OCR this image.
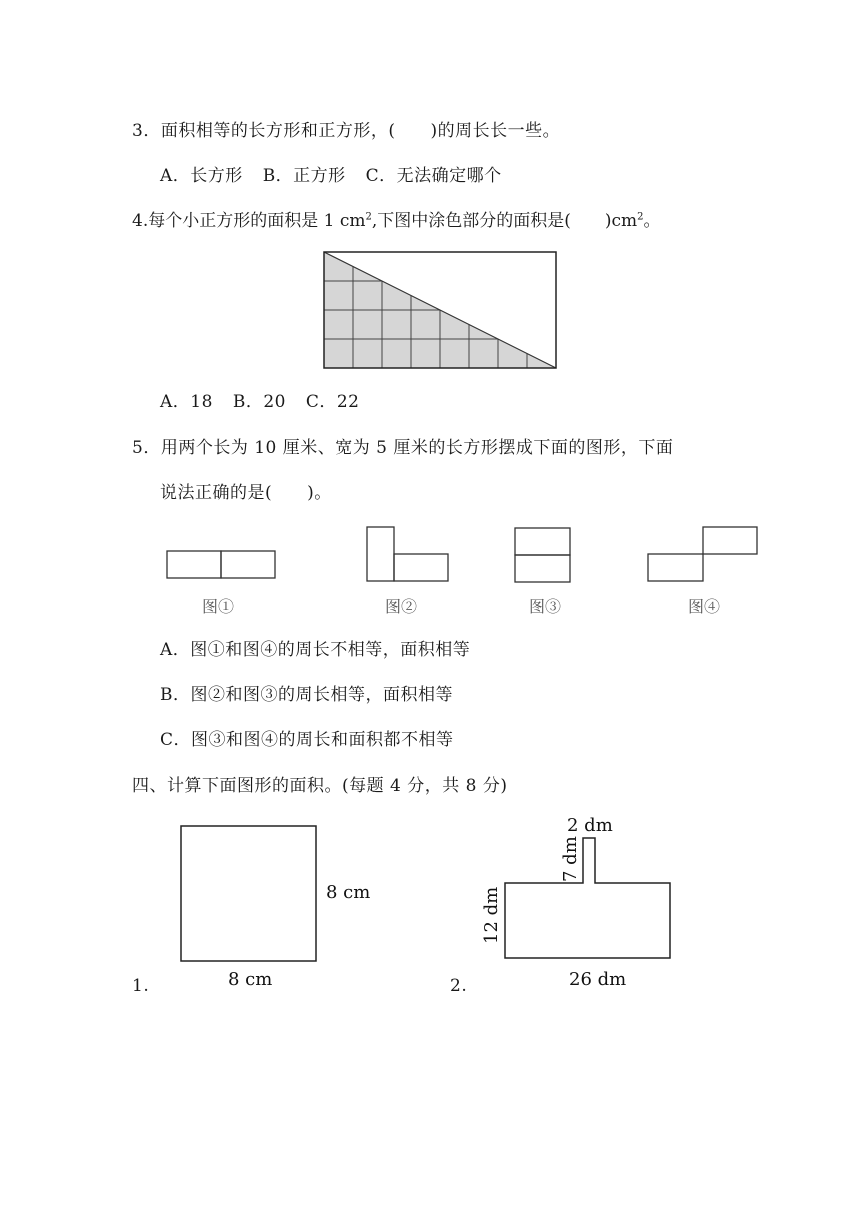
3．面积相等的长方形和正方形，(　　)的周长长一些。
A．长方形 B．正方形 C．无法确定哪个
4.每个小正方形的面积是 1 $cm^2$,下图中涂色部分的面积是(　　)$cm^2$。
A．18 B．20 C．22
5．用两个长为 10 厘米、宽为 5 厘米的长方形摆成下面的图形，下面
说法正确的是(　　)。
图①	图②	图③	图④
A．图①和图④的周长不相等，面积相等
B．图②和图③的周长相等，面积相等
C．图③和图④的周长和面积都不相等
四、计算下面图形的面积。(每题 4 分，共 8 分)
8 cm
8 cm
2 dm
7 dm
12 dm
26 dm
1.	2.
